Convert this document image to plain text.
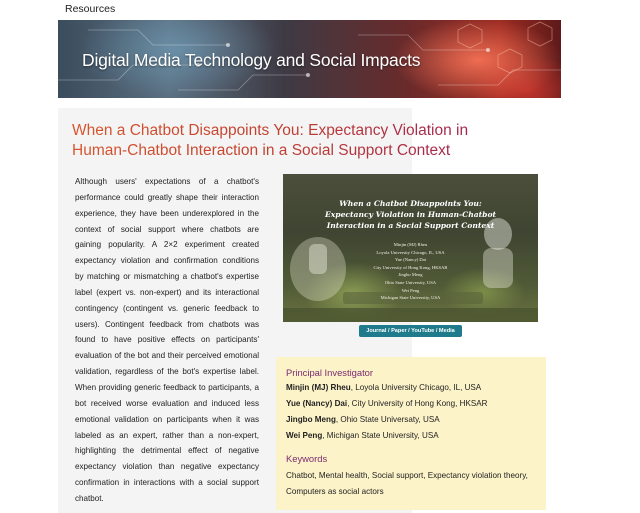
Resources
Digital Media Technology and Social Impacts
When a Chatbot Disappoints You: Expectancy Violation in Human-Chatbot Interaction in a Social Support Context
Although users' expectations of a chatbot's performance could greatly shape their interaction experience, they have been underexplored in the context of social support where chatbots are gaining popularity. A 2×2 experiment created expectancy violation and confirmation conditions by matching or mismatching a chatbot's expertise label (expert vs. non-expert) and its interactional contingency (contingent vs. generic feedback to users). Contingent feedback from chatbots was found to have positive effects on participants' evaluation of the bot and their perceived emotional validation, regardless of the bot's expertise label. When providing generic feedback to participants, a bot received worse evaluation and induced less emotional validation on participants when it was labeled as an expert, rather than a non-expert, highlighting the detrimental effect of negative expectancy violation than negative expectancy confirmation in interactions with a social support chatbot.
When a Chatbot Disappoints You:
Expectancy Violation in Human-Chatbot
Interaction in a Social Support Context
Minjin (MJ) Rheu
Loyola University Chicago, IL, USA
Yue (Nancy) Dai
City University of Hong Kong, HKSAR
Jingbo Meng
Ohio State University, USA
Wei Peng
Michigan State University, USA
Journal / Paper / YouTube / Media
Principal Investigator
Minjin (MJ) Rheu, Loyola University Chicago, IL, USA
Yue (Nancy) Dai, City University of Hong Kong, HKSAR
Jingbo Meng, Ohio State Universaty, USA
Wei Peng, Michigan State University, USA
Keywords
Chatbot, Mental health, Social support, Expectancy violation theory, Computers as social actors
